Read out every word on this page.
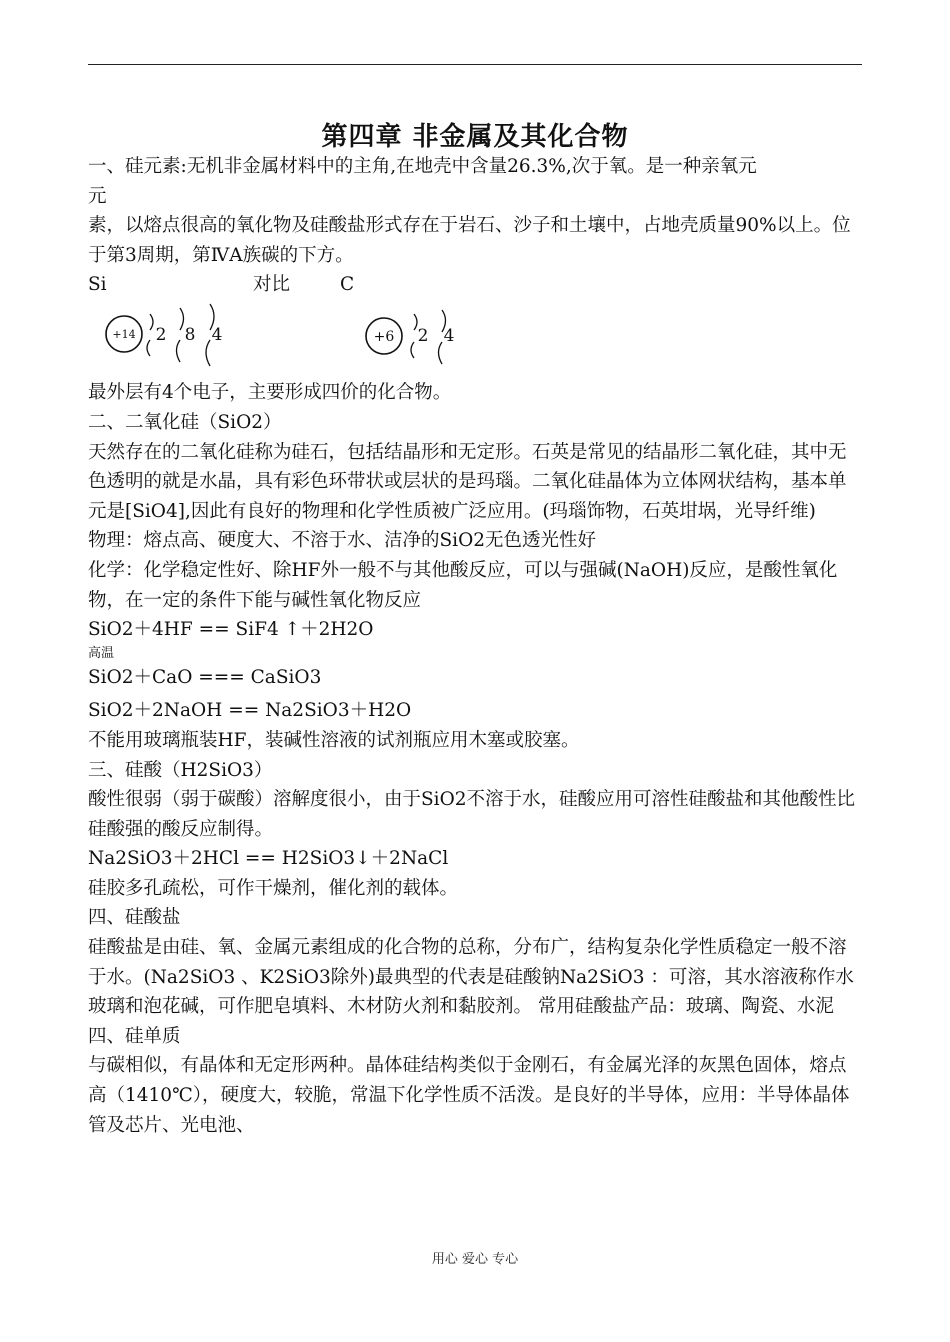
第四章 非金属及其化合物

一、硅元素:无机非金属材料中的主角,在地壳中含量26.3%,次于氧。是一种亲氧元

元

素，以熔点很高的氧化物及硅酸盐形式存在于岩石、沙子和土壤中，占地壳质量90%以上。位于第3周期，第ⅣA族碳的下方。

Si	对比	C
+14 2 8 4	+6 2 4

最外层有4个电子，主要形成四价的化合物。

二、二氧化硅（SiO2）

天然存在的二氧化硅称为硅石，包括结晶形和无定形。石英是常见的结晶形二氧化硅，其中无色透明的就是水晶，具有彩色环带状或层状的是玛瑙。二氧化硅晶体为立体网状结构，基本单元是[SiO4],因此有良好的物理和化学性质被广泛应用。(玛瑙饰物，石英坩埚，光导纤维)

物理：熔点高、硬度大、不溶于水、洁净的SiO2无色透光性好

化学：化学稳定性好、除HF外一般不与其他酸反应，可以与强碱(NaOH)反应，是酸性氧化物，在一定的条件下能与碱性氧化物反应

SiO2＋4HF == SiF4 ↑＋2H2O

高温

SiO2＋CaO === CaSiO3

SiO2＋2NaOH == Na2SiO3＋H2O

不能用玻璃瓶装HF，装碱性溶液的试剂瓶应用木塞或胶塞。

三、硅酸（H2SiO3）

酸性很弱（弱于碳酸）溶解度很小，由于SiO2不溶于水，硅酸应用可溶性硅酸盐和其他酸性比硅酸强的酸反应制得。

Na2SiO3＋2HCl == H2SiO3↓＋2NaCl

硅胶多孔疏松，可作干燥剂，催化剂的载体。

四、硅酸盐

硅酸盐是由硅、氧、金属元素组成的化合物的总称，分布广，结构复杂化学性质稳定一般不溶于水。(Na2SiO3 、K2SiO3除外)最典型的代表是硅酸钠Na2SiO3 ：可溶，其水溶液称作水玻璃和泡花碱，可作肥皂填料、木材防火剂和黏胶剂。 常用硅酸盐产品：玻璃、陶瓷、水泥

四、硅单质

与碳相似，有晶体和无定形两种。晶体硅结构类似于金刚石，有金属光泽的灰黑色固体，熔点高（1410℃），硬度大，较脆，常温下化学性质不活泼。是良好的半导体，应用：半导体晶体管及芯片、光电池、

用心 爱心 专心
